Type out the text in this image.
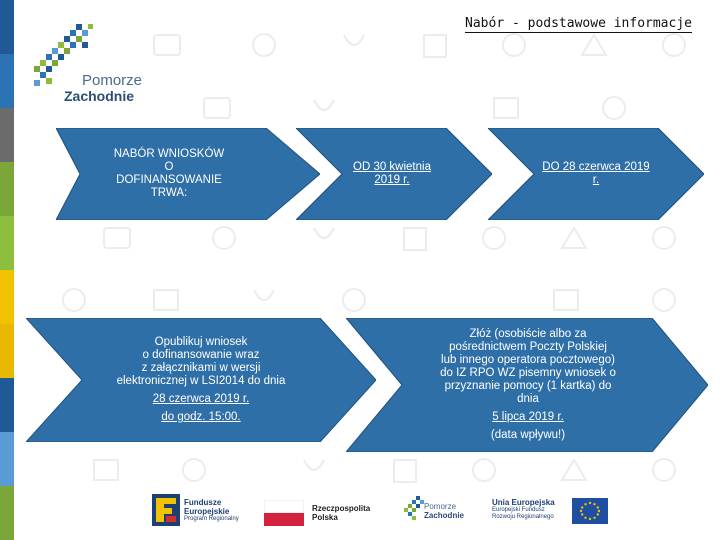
Nabór - podstawowe informacje
Pomorze
Zachodnie
NABÓR WNIOSKÓW
O
DOFINANSOWANIE
TRWA:
OD 30 kwietnia
2019 r.
DO 28 czerwca 2019
r.
Opublikuj wniosek
o dofinansowanie wraz
z załącznikami w wersji
elektronicznej w LSI2014 do dnia
28 czerwca 2019 r.
do godz. 15:00.
Złóż (osobiście albo za
pośrednictwem Poczty Polskiej
lub innego operatora pocztowego)
do IZ RPO WZ pisemny wniosek o
przyznanie pomocy (1 kartka) do
dnia
5 lipca 2019 r.
(data wpływu!)
Fundusze
Europejskie
Program Regionalny
Rzeczpospolita
Polska
Pomorze
Zachodnie
Unia Europejska
Europejski Fundusz
Rozwoju Regionalnego
